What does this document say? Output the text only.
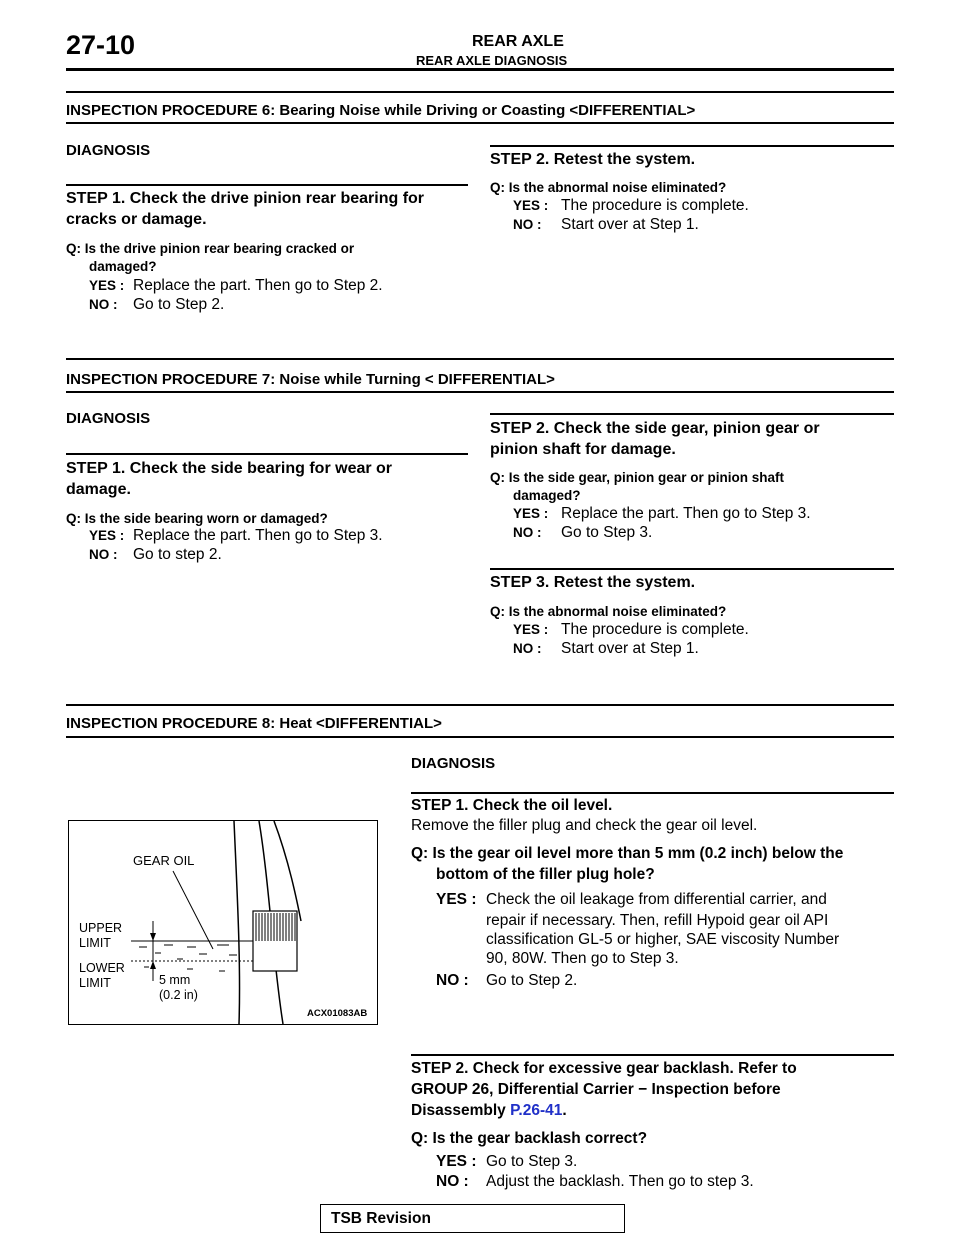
27-10	REAR AXLE
REAR AXLE DIAGNOSIS
INSPECTION PROCEDURE 6: Bearing Noise while Driving or Coasting <DIFFERENTIAL>
DIAGNOSIS
STEP 1. Check the drive pinion rear bearing for
cracks or damage.
Q: Is the drive pinion rear bearing cracked or
damaged?
YES : Replace the part. Then go to Step 2.
NO : Go to Step 2.
STEP 2. Retest the system.
Q: Is the abnormal noise eliminated?
YES : The procedure is complete.
NO : Start over at Step 1.
INSPECTION PROCEDURE 7: Noise while Turning < DIFFERENTIAL>
DIAGNOSIS
STEP 1. Check the side bearing for wear or
damage.
Q: Is the side bearing worn or damaged?
YES : Replace the part. Then go to Step 3.
NO : Go to step 2.
STEP 2. Check the side gear, pinion gear or
pinion shaft for damage.
Q: Is the side gear, pinion gear or pinion shaft
damaged?
YES : Replace the part. Then go to Step 3.
NO : Go to Step 3.
STEP 3. Retest the system.
Q: Is the abnormal noise eliminated?
YES : The procedure is complete.
NO : Start over at Step 1.
INSPECTION PROCEDURE 8: Heat <DIFFERENTIAL>
GEAR OIL
UPPER
LIMIT
LOWER
LIMIT	5 mm
(0.2 in)
ACX01083AB
DIAGNOSIS
STEP 1. Check the oil level.
Remove the filler plug and check the gear oil level.
Q: Is the gear oil level more than 5 mm (0.2 inch) below the
bottom of the filler plug hole?
YES : Check the oil leakage from differential carrier, and
repair if necessary. Then, refill Hypoid gear oil API
classification GL-5 or higher, SAE viscosity Number
90, 80W. Then go to Step 3.
NO : Go to Step 2.
STEP 2. Check for excessive gear backlash. Refer to
GROUP 26, Differential Carrier − Inspection before
Disassembly P.26-41.
Q: Is the gear backlash correct?
YES : Go to Step 3.
NO : Adjust the backlash. Then go to step 3.
TSB Revision
